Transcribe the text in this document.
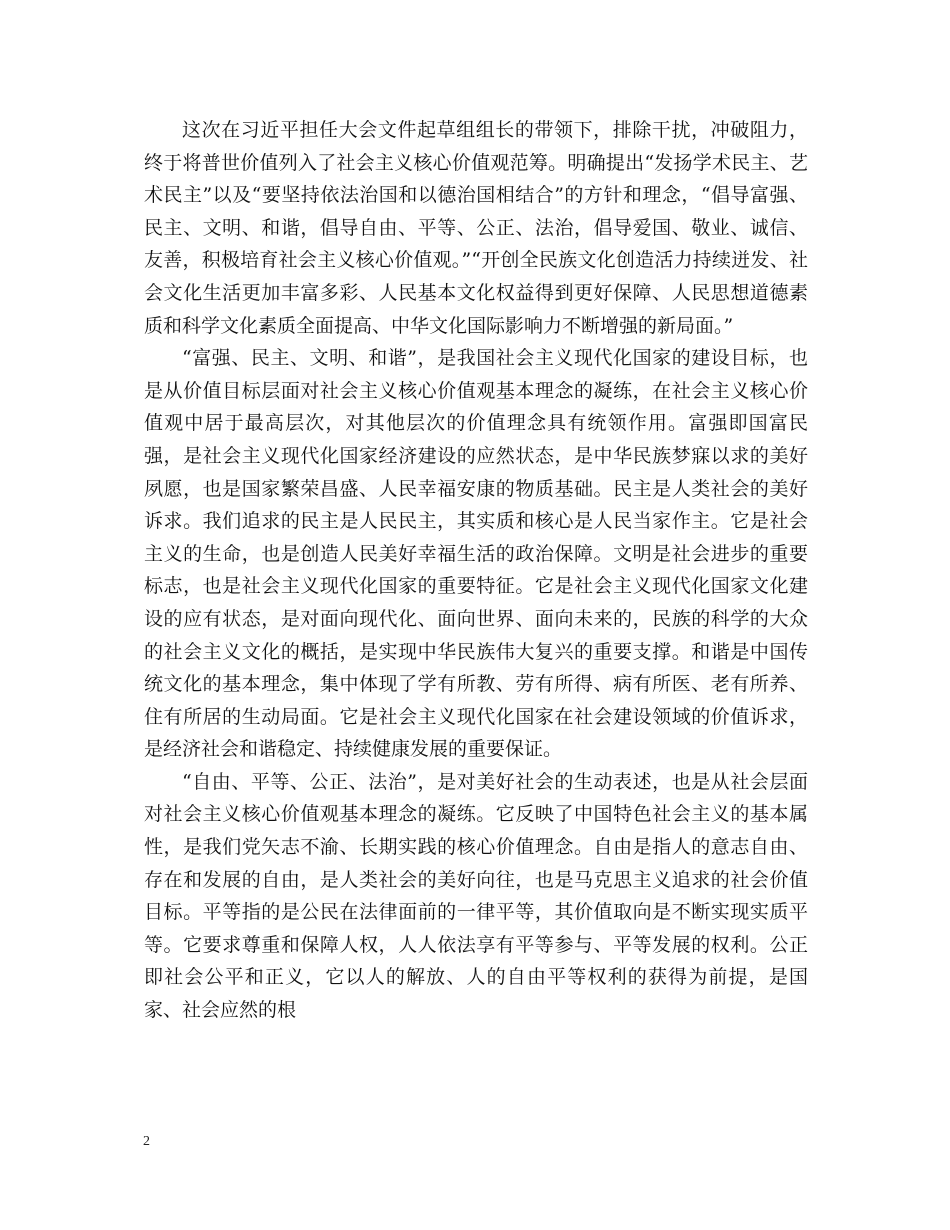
这次在习近平担任大会文件起草组组长的带领下，排除干扰，冲破阻力，终于将普世价值列入了社会主义核心价值观范筹。明确提出“发扬学术民主、艺术民主”以及“要坚持依法治国和以德治国相结合”的方针和理念，“倡导富强、民主、文明、和谐，倡导自由、平等、公正、法治，倡导爱国、敬业、诚信、友善，积极培育社会主义核心价值观。”“开创全民族文化创造活力持续迸发、社会文化生活更加丰富多彩、人民基本文化权益得到更好保障、人民思想道德素质和科学文化素质全面提高、中华文化国际影响力不断增强的新局面。”

“富强、民主、文明、和谐”，是我国社会主义现代化国家的建设目标，也是从价值目标层面对社会主义核心价值观基本理念的凝练，在社会主义核心价值观中居于最高层次，对其他层次的价值理念具有统领作用。富强即国富民强，是社会主义现代化国家经济建设的应然状态，是中华民族梦寐以求的美好夙愿，也是国家繁荣昌盛、人民幸福安康的物质基础。民主是人类社会的美好诉求。我们追求的民主是人民民主，其实质和核心是人民当家作主。它是社会主义的生命，也是创造人民美好幸福生活的政治保障。文明是社会进步的重要标志，也是社会主义现代化国家的重要特征。它是社会主义现代化国家文化建设的应有状态，是对面向现代化、面向世界、面向未来的，民族的科学的大众的社会主义文化的概括，是实现中华民族伟大复兴的重要支撑。和谐是中国传统文化的基本理念，集中体现了学有所教、劳有所得、病有所医、老有所养、住有所居的生动局面。它是社会主义现代化国家在社会建设领域的价值诉求，是经济社会和谐稳定、持续健康发展的重要保证。

“自由、平等、公正、法治”，是对美好社会的生动表述，也是从社会层面对社会主义核心价值观基本理念的凝练。它反映了中国特色社会主义的基本属性，是我们党矢志不渝、长期实践的核心价值理念。自由是指人的意志自由、存在和发展的自由，是人类社会的美好向往，也是马克思主义追求的社会价值目标。平等指的是公民在法律面前的一律平等，其价值取向是不断实现实质平等。它要求尊重和保障人权，人人依法享有平等参与、平等发展的权利。公正即社会公平和正义，它以人的解放、人的自由平等权利的获得为前提，是国家、社会应然的根

2
